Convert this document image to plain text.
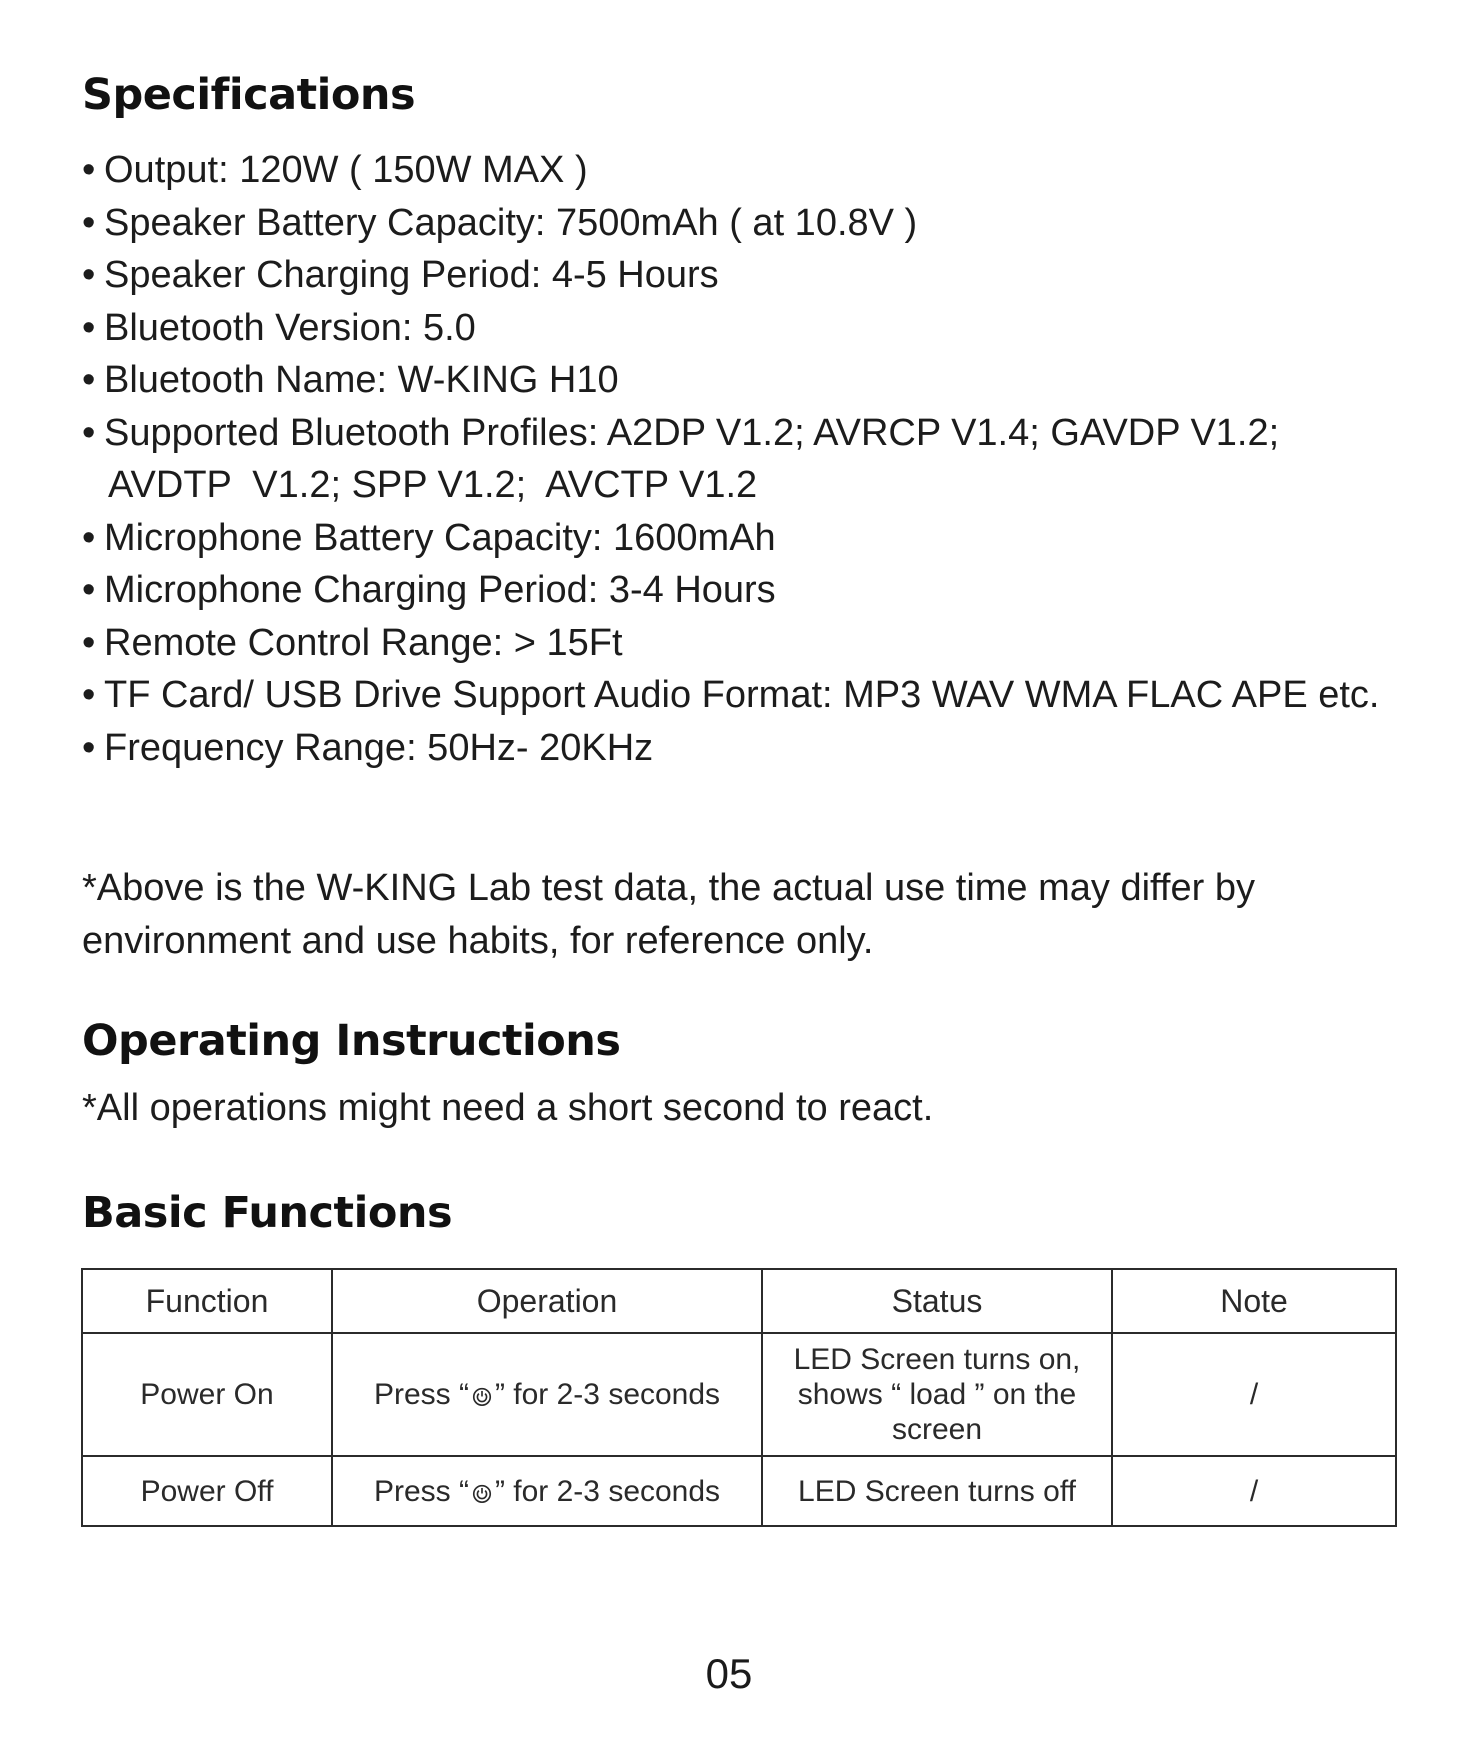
Specifications
• Output: 120W ( 150W MAX )
• Speaker Battery Capacity: 7500mAh ( at 10.8V )
• Speaker Charging Period: 4-5 Hours
• Bluetooth Version: 5.0
• Bluetooth Name: W-KING H10
• Supported Bluetooth Profiles: A2DP V1.2; AVRCP V1.4; GAVDP V1.2;
AVDTP  V1.2; SPP V1.2;  AVCTP V1.2
• Microphone Battery Capacity: 1600mAh
• Microphone Charging Period: 3-4 Hours
• Remote Control Range: > 15Ft
• TF Card/ USB Drive Support Audio Format: MP3 WAV WMA FLAC APE etc.
• Frequency Range: 50Hz- 20KHz

*Above is the W-KING Lab test data, the actual use time may differ by environment and use habits, for reference only.

Operating Instructions

*All operations might need a short second to react.

Basic Functions
Function	Operation	Status	Note
Power On	Press “ ” for 2-3 seconds	LED Screen turns on, shows “ load ” on the screen	/
Power Off	Press “ ” for 2-3 seconds	LED Screen turns off	/
05
